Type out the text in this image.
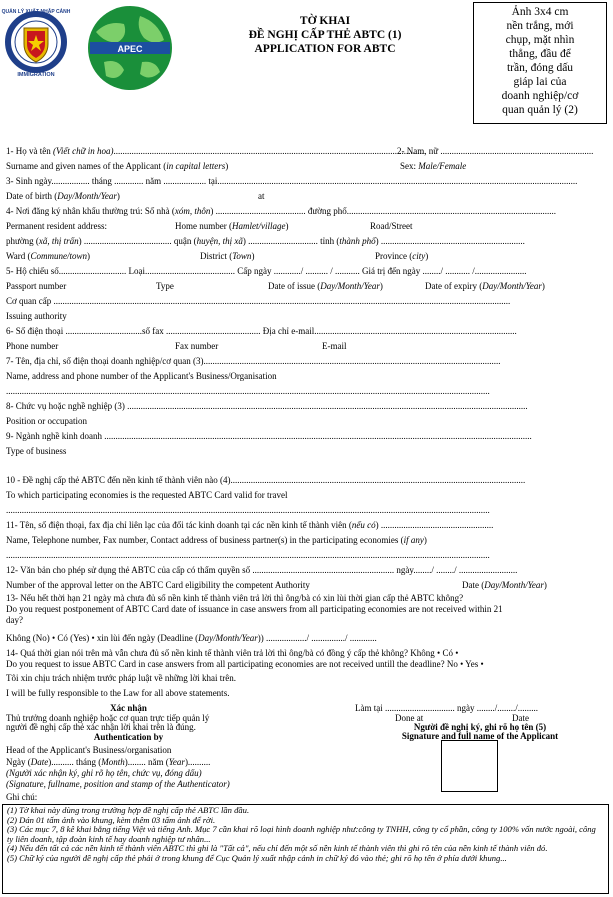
QUẢN LÝ XUẤT NHẬP CẢNH
IMMIGRATION
APEC
TỜ KHAI
ĐỀ NGHỊ CẤP THẺ ABTC (1)
APPLICATION FOR ABTC
Ảnh 3x4 cm
nền trắng, mới
chụp, mặt nhìn
thẳng, đầu để
trần, đóng dấu
giáp lai của
doanh nghiệp/cơ
quan quản lý (2)
1- Họ và tên (Viết chữ in hoa)...........................................................................................................................................
2- Nam, nữ ....................................................................
Surname and given names of the Applicant (in capital letters)	Sex: Male/Female
3- Sinh ngày................. tháng ............. năm ................... tại................................................................................................................................................................
Date of birth (Day/Month/Year)	at
4- Nơi đăng ký nhân khẩu thường trú: Số nhà (xóm, thôn) ........................................ đường phố.............................................................................................
Permanent resident address:	Home number (Hamlet/village)	Road/Street
phường (xã, thị trấn) ....................................... quận (huyện, thị xã) ............................... tỉnh (thành phố) ................................................................
Ward (Commune/town)	District (Town)	Province (city)
5- Hộ chiếu số.............................. Loại........................................ Cấp ngày ............/ .......... / ........... Giá trị đến ngày ......../ ........... /.......................
Passport number	Type	Date of issue (Day/Month/Year)	Date of expiry (Day/Month/Year)
Cơ quan cấp ...........................................................................................................................................................................................................
Issuing authority
6- Số điện thoại ..................................số fax .......................................... Địa chỉ e-mail..........................................................................................
Phone number	Fax number	E-mail
7- Tên, địa chỉ, số điện thoại doanh nghiệp/cơ quan (3)....................................................................................................................................
Name, address and phone number of the Applicant's Business/Organisation
.......................................................................................................................................................................................................................
8- Chức vụ hoặc nghề nghiệp (3) ..................................................................................................................................................................................
Position or occupation
9- Ngành nghề kinh doanh ..............................................................................................................................................................................................
Type of business
10 - Đề nghị cấp thẻ ABTC đến nền kinh tế thành viên nào (4)...................................................................................................................................
To which participating economies is the requested ABTC Card valid for travel
.......................................................................................................................................................................................................................
11- Tên, số điện thoại, fax địa chỉ liên lạc của đối tác kinh doanh tại các nền kinh tế thành viên (nếu có) ..................................................
Name, Telephone number, Fax number, Contact address of business partner(s) in the participating economies (if any)
.......................................................................................................................................................................................................................
12- Văn bản cho phép sử dụng thẻ ABTC của cấp có thẩm quyền số ............................................................... ngày......../ ......../ ..........................
Number of the approval letter on the ABTC Card eligibility the competent Authority	Date (Day/Month/Year)
13- Nếu hết thời hạn 21 ngày mà chưa đủ số nền kinh tế thành viên trả lời thì ông/bà có xin lùi thời gian cấp thẻ ABTC không?
Do you request postponement of ABTC Card date of issuance in case answers from all participating economies are not received within 21
day?
Không (No) • Có (Yes) • xin lùi đến ngày (Deadline (Day/Month/Year)) ................../ .............../ ............
14- Quá thời gian nói trên mà vẫn chưa đủ số nền kinh tế thành viên trả lời thì ông/bà có đồng ý cấp thẻ không? Không • Có •
Do you request to issue ABTC Card in case answers from all participating economies are not received untill the deadline? No • Yes •
Tôi xin chịu trách nhiệm trước pháp luật về những lời khai trên.
I will be fully responsible to the Law for all above statements.
Xác nhận
Thủ trưởng doanh nghiệp hoặc cơ quan trực tiếp quản lý
người đề nghị cấp thẻ xác nhận lời khai trên là đúng.
Authentication by
Head of the Applicant's Business/organisation
Ngày (Date).......... tháng (Month)........ năm (Year)..........
(Người xác nhận ký, ghi rõ họ tên, chức vụ, đóng dấu)
(Signature, fullname, position and stamp of the Authenticator)
Làm tại ............................... ngày ......../......../.........
Done at	Date
Người đề nghị ký, ghi rõ họ tên (5)
Signature and full name of the Applicant
Ghi chú:
(1) Tờ khai này dùng trong trường hợp đề nghị cấp thẻ ABTC lần đầu.
(2) Dán 01 tấm ảnh vào khung, kèm thêm 03 tấm ảnh để rời.
(3) Các mục 7, 8 kê khai bằng tiếng Việt và tiếng Anh. Mục 7 cần khai rõ loại hình doanh nghiệp như:công ty TNHH, công ty cổ phần, công ty 100% vốn nước ngoài, công ty liên doanh, tập đoàn kinh tế hay doanh nghiệp tư nhân...
(4) Nếu đến tất cả các nền kinh tế thành viên ABTC thì ghi là "Tất cả", nếu chỉ đến một số nền kinh tế thành viên thì ghi rõ tên của nền kinh tế thành viên đó.
(5) Chữ ký của người đề nghị cấp thẻ phải ở trong khung để Cục Quản lý xuất nhập cảnh in chữ ký đó vào thẻ; ghi rõ họ tên ở phía dưới khung...
